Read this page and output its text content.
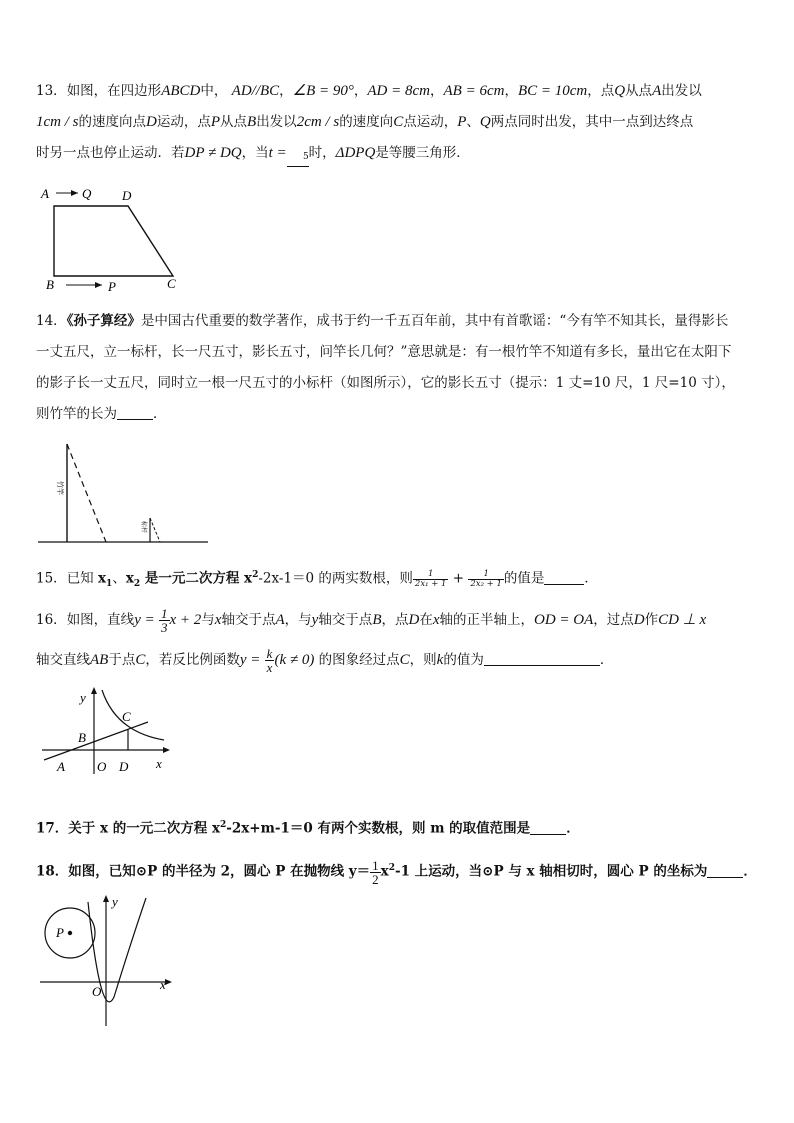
13．如图，在四边形ABCD中， AD//BC，∠B = 90°，AD = 8cm，AB = 6cm，BC = 10cm，点Q从点A出发以
1cm / s的速度向点D运动，点P从点B出发以2cm / s的速度向C点运动，P、Q两点同时出发，其中一点到达终点
时另一点也停止运动．若DP ≠ DQ，当t = 5时，ΔDPQ是等腰三角形．
A	Q D
B	P	C
14．《孙子算经》是中国古代重要的数学著作，成书于约一千五百年前，其中有首歌谣：“今有竿不知其长，量得影长
一丈五尺，立一标杆，长一尺五寸，影长五寸，问竿长几何？”意思就是：有一根竹竿不知道有多长，量出它在太阳下
的影子长一丈五尺，同时立一根一尺五寸的小标杆（如图所示），它的影长五寸（提示：1 丈=10 尺，1 尺=10 寸），
则竹竿的长为	．
竹竿
标杆
15．已知 $x_1$、$x_2$ 是一元二次方程 $x^2-2x-1=0$ 的两实数根，则 $\frac{1}{\text{2x₁ + 1}} + \frac{1}{\text{2x₂ + 1}}$ 的值是	．
16．如图，直线$y = \frac{1}{3}$ x + 2与x轴交于点A，与y轴交于点B，点D在x轴的正半轴上，OD = OA，过点D作CD ⊥ x
轴交直线AB于点C，若反比例函数$y = \frac{k}{x} (k \ne 0)$ 的图象经过点C，则k的值为	．
y
C
B
A O D x
17．关于 x 的一元二次方程 $x^2-2x+m-1=0$ 有两个实数根，则 m 的取值范围是	．
18．如图，已知⊙P 的半径为 2，圆心 P 在抛物线 $y= \frac{1}{2} x^2-1$ 上运动，当⊙P 与 x 轴相切时，圆心 P 的坐标为	．
y
P
O	x
